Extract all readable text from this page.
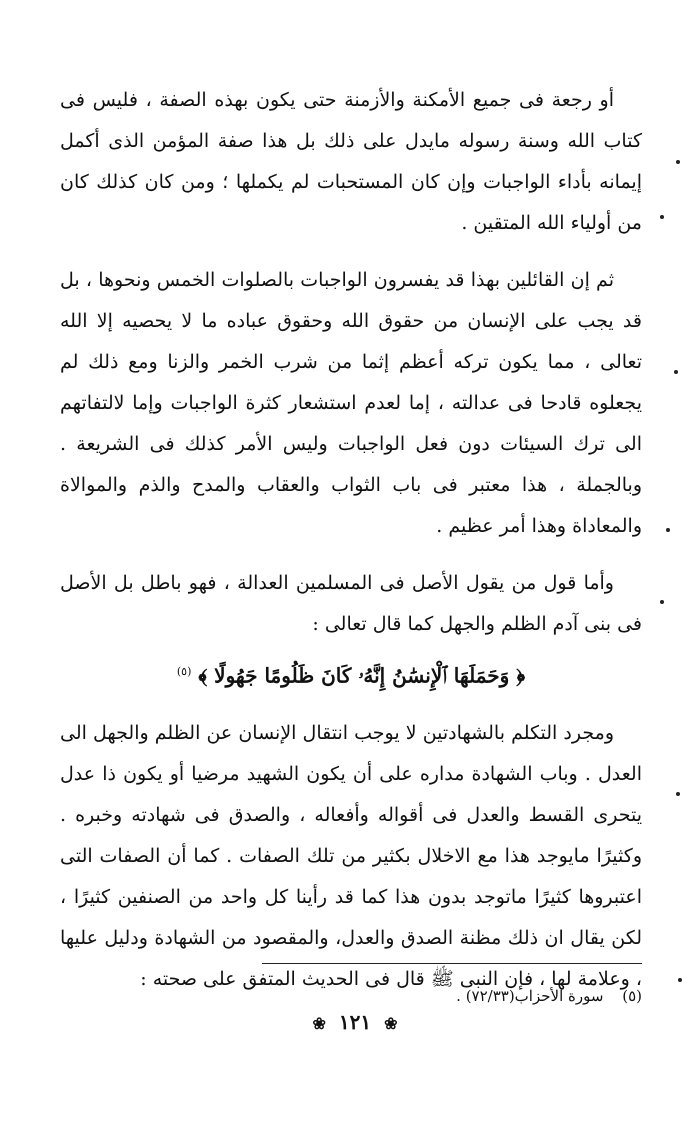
أو رجعة فى جميع الأمكنة والأزمنة حتى يكون بهذه الصفة ، فليس فى كتاب الله وسنة رسوله مايدل على ذلك بل هذا صفة المؤمن الذى أكمل إيمانه بأداء الواجبات وإن كان المستحبات لم يكملها ؛ ومن كان كذلك كان من أولياء الله المتقين .

ثم إن القائلين بهذا قد يفسرون الواجبات بالصلوات الخمس ونحوها ، بل قد يجب على الإنسان من حقوق الله وحقوق عباده ما لا يحصيه إلا الله تعالى ، مما يكون تركه أعظم إثما من شرب الخمر والزنا ومع ذلك لم يجعلوه قادحا فى عدالته ، إما لعدم استشعار كثرة الواجبات وإما لالتفاتهم الى ترك السيئات دون فعل الواجبات وليس الأمر كذلك فى الشريعة . وبالجملة ، هذا معتبر فى باب الثواب والعقاب والمدح والذم والموالاة والمعاداة وهذا أمر عظيم .

وأما قول من يقول الأصل فى المسلمين العدالة ، فهو باطل بل الأصل فى بنى آدم الظلم والجهل كما قال تعالى :

﴿ وَحَمَلَهَا ٱلْإِنسَٰنُ إِنَّهُۥ كَانَ ظَلُومًا جَهُولًا ﴾ $^{(٥)}$

ومجرد التكلم بالشهادتين لا يوجب انتقال الإنسان عن الظلم والجهل الى العدل . وباب الشهادة مداره على أن يكون الشهيد مرضيا أو يكون ذا عدل يتحرى القسط والعدل فى أقواله وأفعاله ، والصدق فى شهادته وخبره . وكثيرًا مايوجد هذا مع الاخلال بكثير من تلك الصفات . كما أن الصفات التى اعتبروها كثيرًا ماتوجد بدون هذا كما قد رأينا كل واحد من الصنفين كثيرًا ، لكن يقال ان ذلك مظنة الصدق والعدل، والمقصود من الشهادة ودليل عليها ، وعلامة لها ، فإن النبى ﷺ قال فى الحديث المتفق على صحته :

(٥) سورة الأحزاب(٧٢/٣٣) .
❀ ١٢١ ❀
